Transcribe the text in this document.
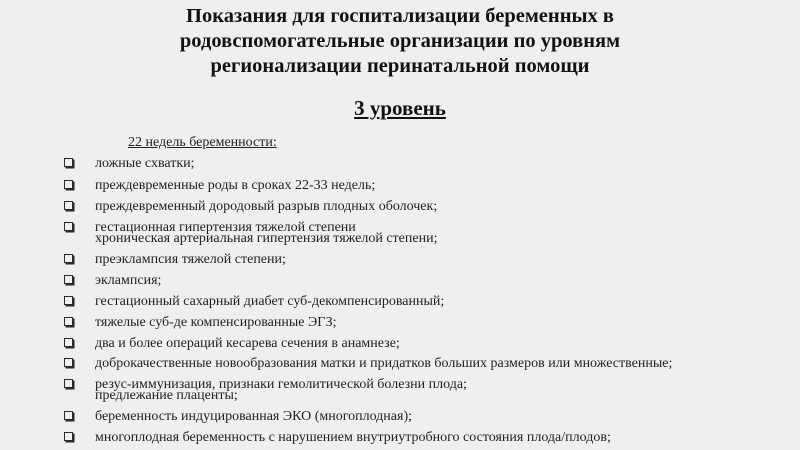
Показания для госпитализации беременных в
родовспомогательные организации по уровням
регионализации перинатальной помощи
3 уровень
22 недель беременности:
ложные схватки;
преждевременные роды в сроках 22-33 недель;
преждевременный дородовый разрыв плодных оболочек;
гестационная гипертензия тяжелой степени
хроническая артериальная гипертензия тяжелой степени;
преэклампсия тяжелой степени;
эклампсия;
гестационный сахарный диабет суб-декомпенсированный;
тяжелые суб-де компенсированные ЭГЗ;
два и более операций кесарева сечения в анамнезе;
доброкачественные новообразования матки и придатков больших размеров или множественные;
резус-иммунизация, признаки гемолитической болезни плода;
предлежание плаценты;
беременность индуцированная ЭКО (многоплодная);
многоплодная беременность с нарушением внутриутробного состояния плода/плодов;
